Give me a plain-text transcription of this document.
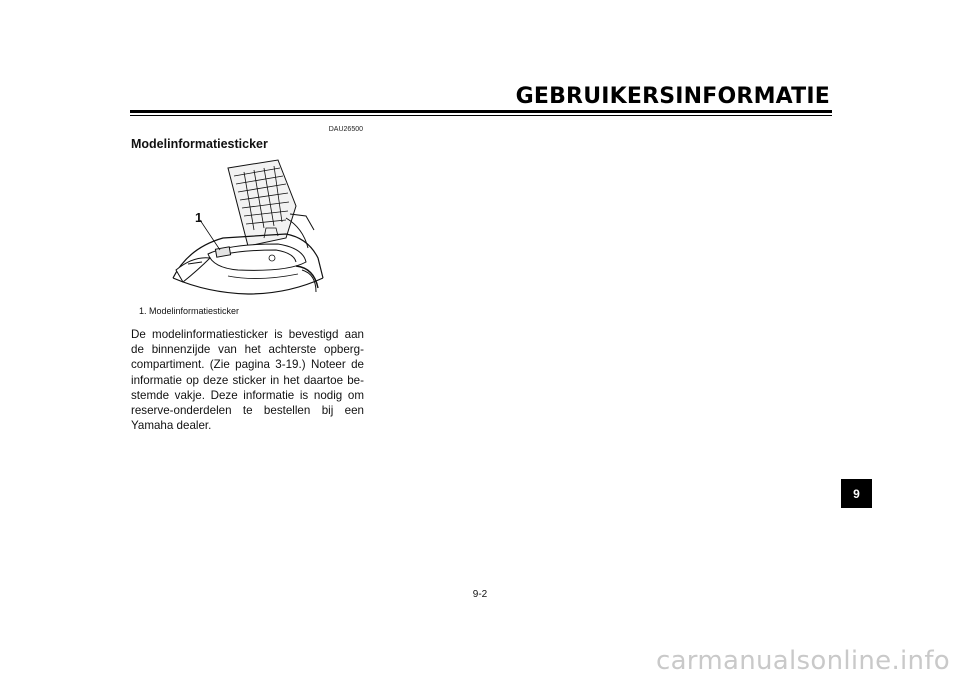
GEBRUIKERSINFORMATIE
DAU26500
Modelinformatiesticker
1
1. Modelinformatiesticker
De modelinformatiesticker is bevestigd aan de binnenzijde van het achterste opbergcompartiment. (Zie pagina 3-19.) Noteer de informatie op deze sticker in het daartoe bestemde vakje. Deze informatie is nodig om reserve-onderdelen te bestellen bij een Yamaha dealer.
9
9-2
carmanualsonline.info
